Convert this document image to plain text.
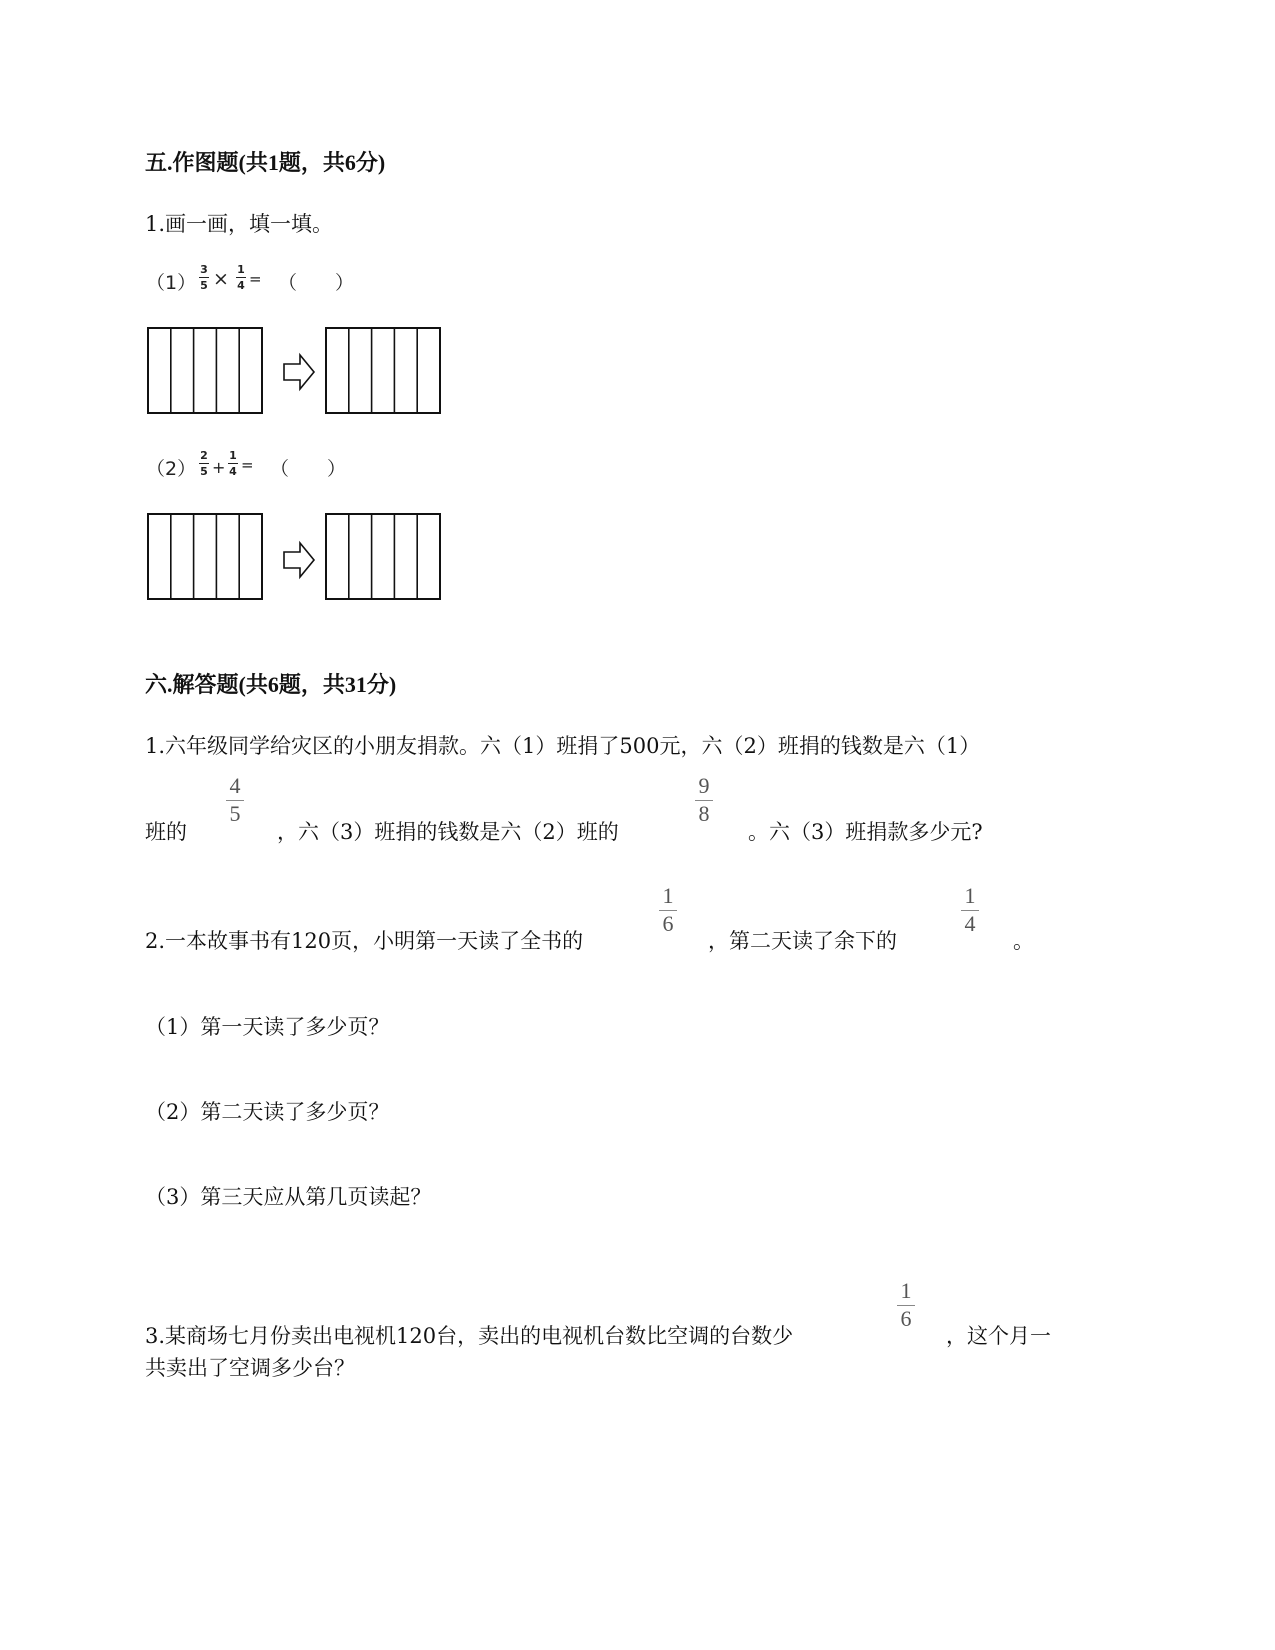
五.作图题(共1题，共6分)
1.画一画，填一填。
（1）
3
5 × 1
4 = （　　）
（2）
2
5 +
1
4 = （　　）
六.解答题(共6题，共31分)
1.六年级同学给灾区的小朋友捐款。六（1）班捐了500元，六（2）班捐的钱数是六（1）
班的
4
5
，六（3）班捐的钱数是六（2）班的
9
8
。六（3）班捐款多少元?
2.一本故事书有120页，小明第一天读了全书的
1
6
，第二天读了余下的
1
4
。
（1）第一天读了多少页？
（2）第二天读了多少页？
（3）第三天应从第几页读起？
3.某商场七月份卖出电视机120台，卖出的电视机台数比空调的台数少
1
6
，这个月一
共卖出了空调多少台？
